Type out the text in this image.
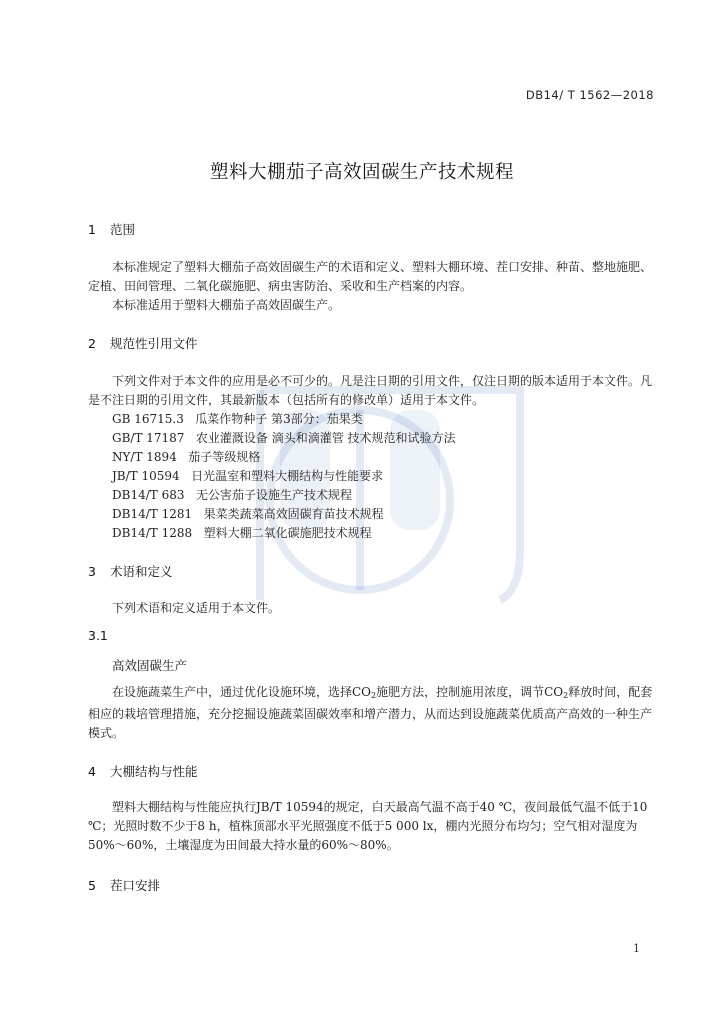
DB14/ T 1562—2018
塑料大棚茄子高效固碳生产技术规程
1 范围
本标准规定了塑料大棚茄子高效固碳生产的术语和定义、塑料大棚环境、茬口安排、种苗、整地施肥、定植、田间管理、二氧化碳施肥、病虫害防治、采收和生产档案的内容。
本标准适用于塑料大棚茄子高效固碳生产。
2 规范性引用文件
下列文件对于本文件的应用是必不可少的。凡是注日期的引用文件，仅注日期的版本适用于本文件。凡是不注日期的引用文件，其最新版本（包括所有的修改单）适用于本文件。
GB 16715.3 瓜菜作物种子 第3部分：茄果类
GB/T 17187 农业灌溉设备 滴头和滴灌管 技术规范和试验方法
NY/T 1894 茄子等级规格
JB/T 10594 日光温室和塑料大棚结构与性能要求
DB14/T 683 无公害茄子设施生产技术规程
DB14/T 1281 果菜类蔬菜高效固碳育苗技术规程
DB14/T 1288 塑料大棚二氧化碳施肥技术规程
3 术语和定义
下列术语和定义适用于本文件。
3.1
高效固碳生产
在设施蔬菜生产中，通过优化设施环境，选择$CO_2$施肥方法，控制施用浓度，调节$CO_2$释放时间，配套相应的栽培管理措施，充分挖掘设施蔬菜固碳效率和增产潜力，从而达到设施蔬菜优质高产高效的一种生产模式。
4 大棚结构与性能
塑料大棚结构与性能应执行JB/T 10594的规定，白天最高气温不高于40 ℃，夜间最低气温不低于10 ℃；光照时数不少于8 h，植株顶部水平光照强度不低于5 000 lx，棚内光照分布均匀；空气相对湿度为50%～60%，土壤湿度为田间最大持水量的60%～80%。
5 茬口安排
1
